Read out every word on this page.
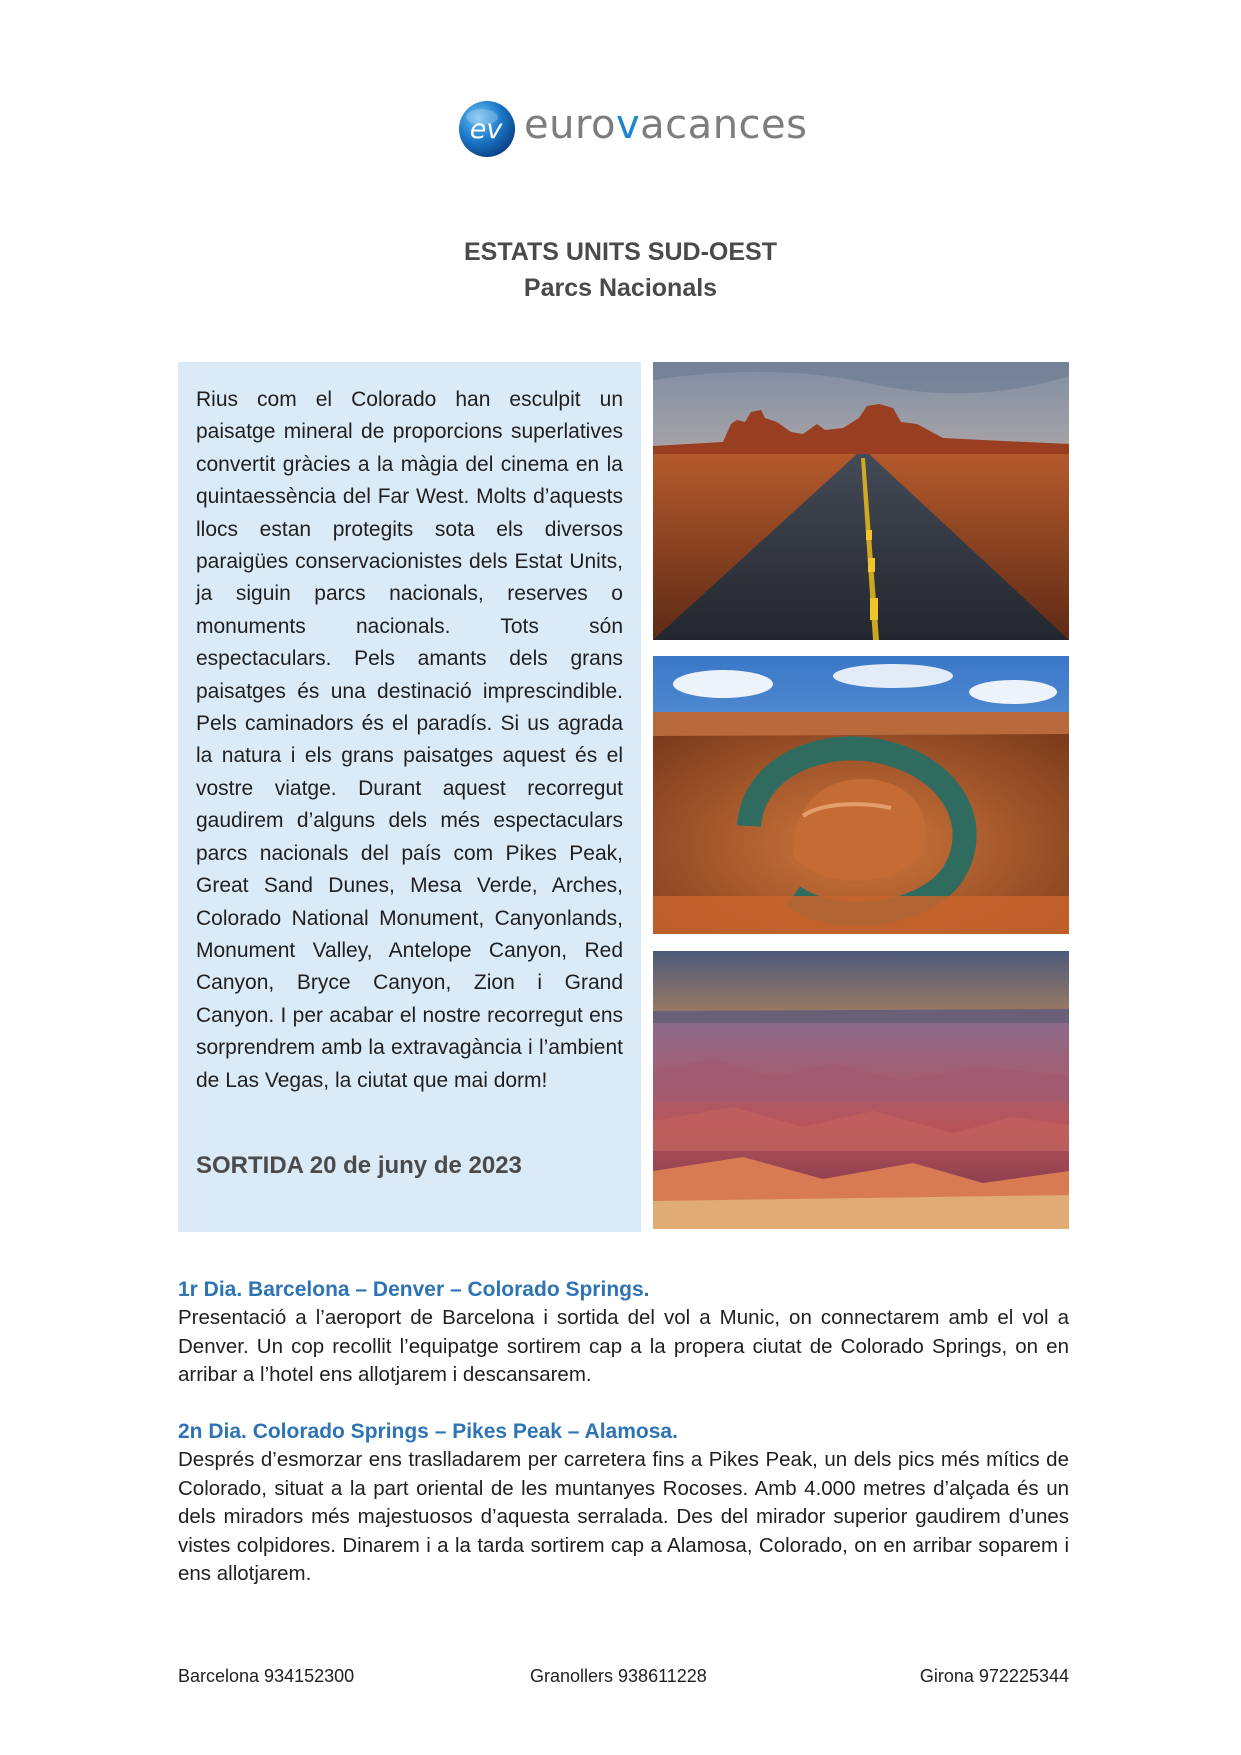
ev eurovacances
ESTATS UNITS SUD-OEST
Parcs Nacionals
Rius com el Colorado han esculpit un paisatge mineral de proporcions superlatives convertit gràcies a la màgia del cinema en la quintaessència del Far West. Molts d’aquests llocs estan protegits sota els diversos paraigües conservacionistes dels Estat Units, ja siguin parcs nacionals, reserves o monuments nacionals. Tots són espectaculars. Pels amants dels grans paisatges és una destinació imprescindible. Pels caminadors és el paradís. Si us agrada la natura i els grans paisatges aquest és el vostre viatge. Durant aquest recorregut gaudirem d’alguns dels més espectaculars parcs nacionals del país com Pikes Peak, Great Sand Dunes, Mesa Verde, Arches, Colorado National Monument, Canyonlands, Monument Valley, Antelope Canyon, Red Canyon, Bryce Canyon, Zion i Grand Canyon. I per acabar el nostre recorregut ens sorprendrem amb la extravagància i l’ambient de Las Vegas, la ciutat que mai dorm!
SORTIDA 20 de juny de 2023
1r Dia. Barcelona – Denver – Colorado Springs.
Presentació a l’aeroport de Barcelona i sortida del vol a Munic, on connectarem amb el vol a Denver. Un cop recollit l’equipatge sortirem cap a la propera ciutat de Colorado Springs, on en arribar a l’hotel ens allotjarem i descansarem.
2n Dia. Colorado Springs – Pikes Peak – Alamosa.
Després d’esmorzar ens traslladarem per carretera fins a Pikes Peak, un dels pics més mítics de Colorado, situat a la part oriental de les muntanyes Rocoses. Amb 4.000 metres d’alçada és un dels miradors més majestuosos d’aquesta serralada. Des del mirador superior gaudirem d’unes vistes colpidores. Dinarem i a la tarda sortirem cap a Alamosa, Colorado, on en arribar soparem i ens allotjarem.
Barcelona 934152300	Granollers 938611228	Girona 972225344
